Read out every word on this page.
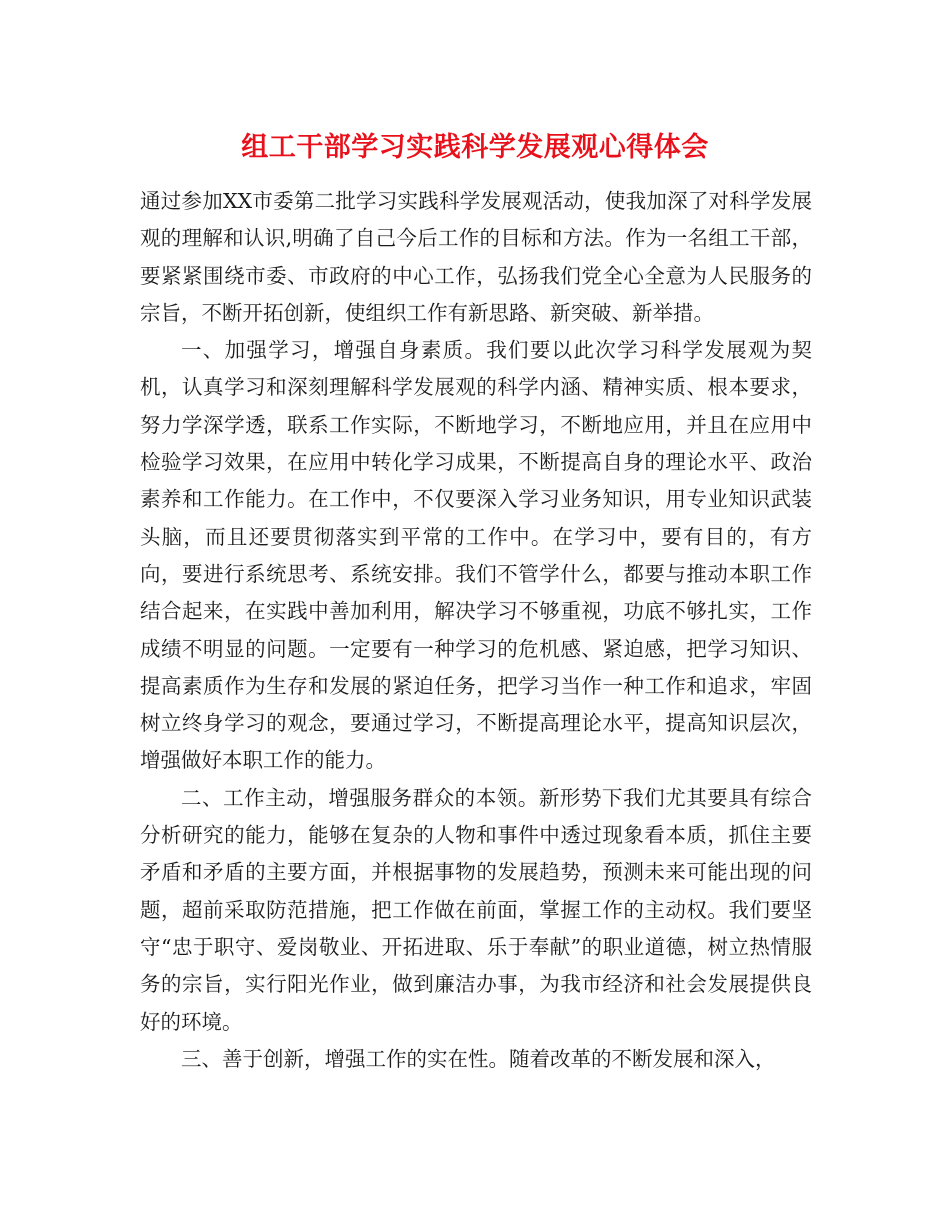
组工干部学习实践科学发展观心得体会

通过参加XX市委第二批学习实践科学发展观活动，使我加深了对科学发展观的理解和认识,明确了自己今后工作的目标和方法。作为一名组工干部，要紧紧围绕市委、市政府的中心工作，弘扬我们党全心全意为人民服务的宗旨，不断开拓创新，使组织工作有新思路、新突破、新举措。

一、加强学习，增强自身素质。我们要以此次学习科学发展观为契机，认真学习和深刻理解科学发展观的科学内涵、精神实质、根本要求，努力学深学透，联系工作实际，不断地学习，不断地应用，并且在应用中检验学习效果，在应用中转化学习成果，不断提高自身的理论水平、政治素养和工作能力。在工作中，不仅要深入学习业务知识，用专业知识武装头脑，而且还要贯彻落实到平常的工作中。在学习中，要有目的，有方向，要进行系统思考、系统安排。我们不管学什么，都要与推动本职工作结合起来，在实践中善加利用，解决学习不够重视，功底不够扎实，工作成绩不明显的问题。一定要有一种学习的危机感、紧迫感，把学习知识、提高素质作为生存和发展的紧迫任务，把学习当作一种工作和追求，牢固树立终身学习的观念，要通过学习，不断提高理论水平，提高知识层次，增强做好本职工作的能力。

二、工作主动，增强服务群众的本领。新形势下我们尤其要具有综合分析研究的能力，能够在复杂的人物和事件中透过现象看本质，抓住主要矛盾和矛盾的主要方面，并根据事物的发展趋势，预测未来可能出现的问题，超前采取防范措施，把工作做在前面，掌握工作的主动权。我们要坚守“忠于职守、爱岗敬业、开拓进取、乐于奉献”的职业道德，树立热情服务的宗旨，实行阳光作业，做到廉洁办事，为我市经济和社会发展提供良好的环境。

三、善于创新，增强工作的实在性。随着改革的不断发展和深入，
